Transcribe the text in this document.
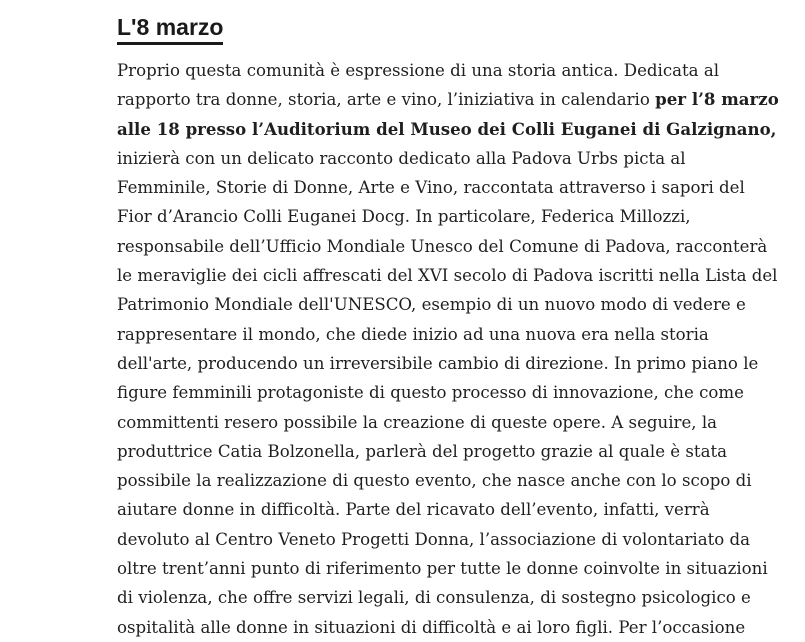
L'8 marzo
Proprio questa comunità è espressione di una storia antica. Dedicata al
rapporto tra donne, storia, arte e vino, l’iniziativa in calendario per l’8 marzo
alle 18 presso l’Auditorium del Museo dei Colli Euganei di Galzignano,
inizierà con un delicato racconto dedicato alla Padova Urbs picta al
Femminile, Storie di Donne, Arte e Vino, raccontata attraverso i sapori del
Fior d’Arancio Colli Euganei Docg. In particolare, Federica Millozzi,
responsabile dell’Ufficio Mondiale Unesco del Comune di Padova, racconterà
le meraviglie dei cicli affrescati del XVI secolo di Padova iscritti nella Lista del
Patrimonio Mondiale dell'UNESCO, esempio di un nuovo modo di vedere e
rappresentare il mondo, che diede inizio ad una nuova era nella storia
dell'arte, producendo un irreversibile cambio di direzione. In primo piano le
figure femminili protagoniste di questo processo di innovazione, che come
committenti resero possibile la creazione di queste opere. A seguire, la
produttrice Catia Bolzonella, parlerà del progetto grazie al quale è stata
possibile la realizzazione di questo evento, che nasce anche con lo scopo di
aiutare donne in difficoltà. Parte del ricavato dell’evento, infatti, verrà
devoluto al Centro Veneto Progetti Donna, l’associazione di volontariato da
oltre trent’anni punto di riferimento per tutte le donne coinvolte in situazioni
di violenza, che offre servizi legali, di consulenza, di sostegno psicologico e
ospitalità alle donne in situazioni di difficoltà e ai loro figli. Per l’occasione
